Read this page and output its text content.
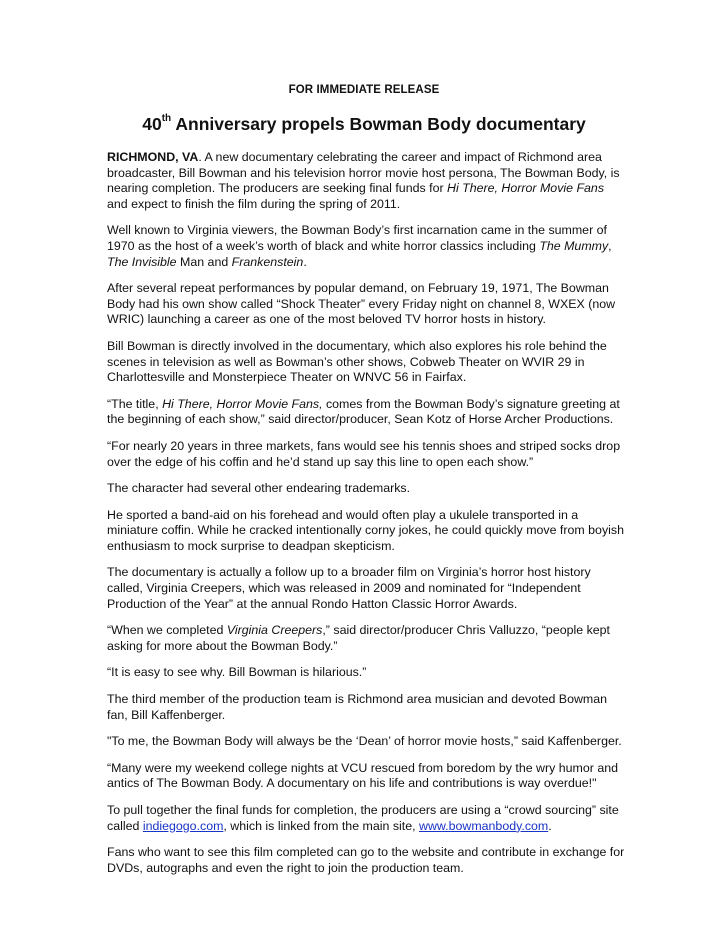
FOR IMMEDIATE RELEASE
40th Anniversary propels Bowman Body documentary

RICHMOND, VA. A new documentary celebrating the career and impact of Richmond area broadcaster, Bill Bowman and his television horror movie host persona, The Bowman Body, is nearing completion. The producers are seeking final funds for Hi There, Horror Movie Fans and expect to finish the film during the spring of 2011.

Well known to Virginia viewers, the Bowman Body’s first incarnation came in the summer of 1970 as the host of a week’s worth of black and white horror classics including The Mummy, The Invisible Man and Frankenstein.

After several repeat performances by popular demand, on February 19, 1971, The Bowman Body had his own show called “Shock Theater” every Friday night on channel 8, WXEX (now WRIC) launching a career as one of the most beloved TV horror hosts in history.

Bill Bowman is directly involved in the documentary, which also explores his role behind the scenes in television as well as Bowman’s other shows, Cobweb Theater on WVIR 29 in Charlottesville and Monsterpiece Theater on WNVC 56 in Fairfax.

“The title, Hi There, Horror Movie Fans, comes from the Bowman Body’s signature greeting at the beginning of each show,” said director/producer, Sean Kotz of Horse Archer Productions.

“For nearly 20 years in three markets, fans would see his tennis shoes and striped socks drop over the edge of his coffin and he’d stand up say this line to open each show.”

The character had several other endearing trademarks.

He sported a band-aid on his forehead and would often play a ukulele transported in a miniature coffin. While he cracked intentionally corny jokes, he could quickly move from boyish enthusiasm to mock surprise to deadpan skepticism.

The documentary is actually a follow up to a broader film on Virginia’s horror host history called, Virginia Creepers, which was released in 2009 and nominated for “Independent Production of the Year” at the annual Rondo Hatton Classic Horror Awards.

“When we completed Virginia Creepers,” said director/producer Chris Valluzzo, “people kept asking for more about the Bowman Body.”

“It is easy to see why. Bill Bowman is hilarious.”

The third member of the production team is Richmond area musician and devoted Bowman fan, Bill Kaffenberger.

"To me, the Bowman Body will always be the ‘Dean’ of horror movie hosts,” said Kaffenberger.

“Many were my weekend college nights at VCU rescued from boredom by the wry humor and antics of The Bowman Body. A documentary on his life and contributions is way overdue!"

To pull together the final funds for completion, the producers are using a “crowd sourcing” site called indiegogo.com, which is linked from the main site, www.bowmanbody.com.

Fans who want to see this film completed can go to the website and contribute in exchange for DVDs, autographs and even the right to join the production team.
